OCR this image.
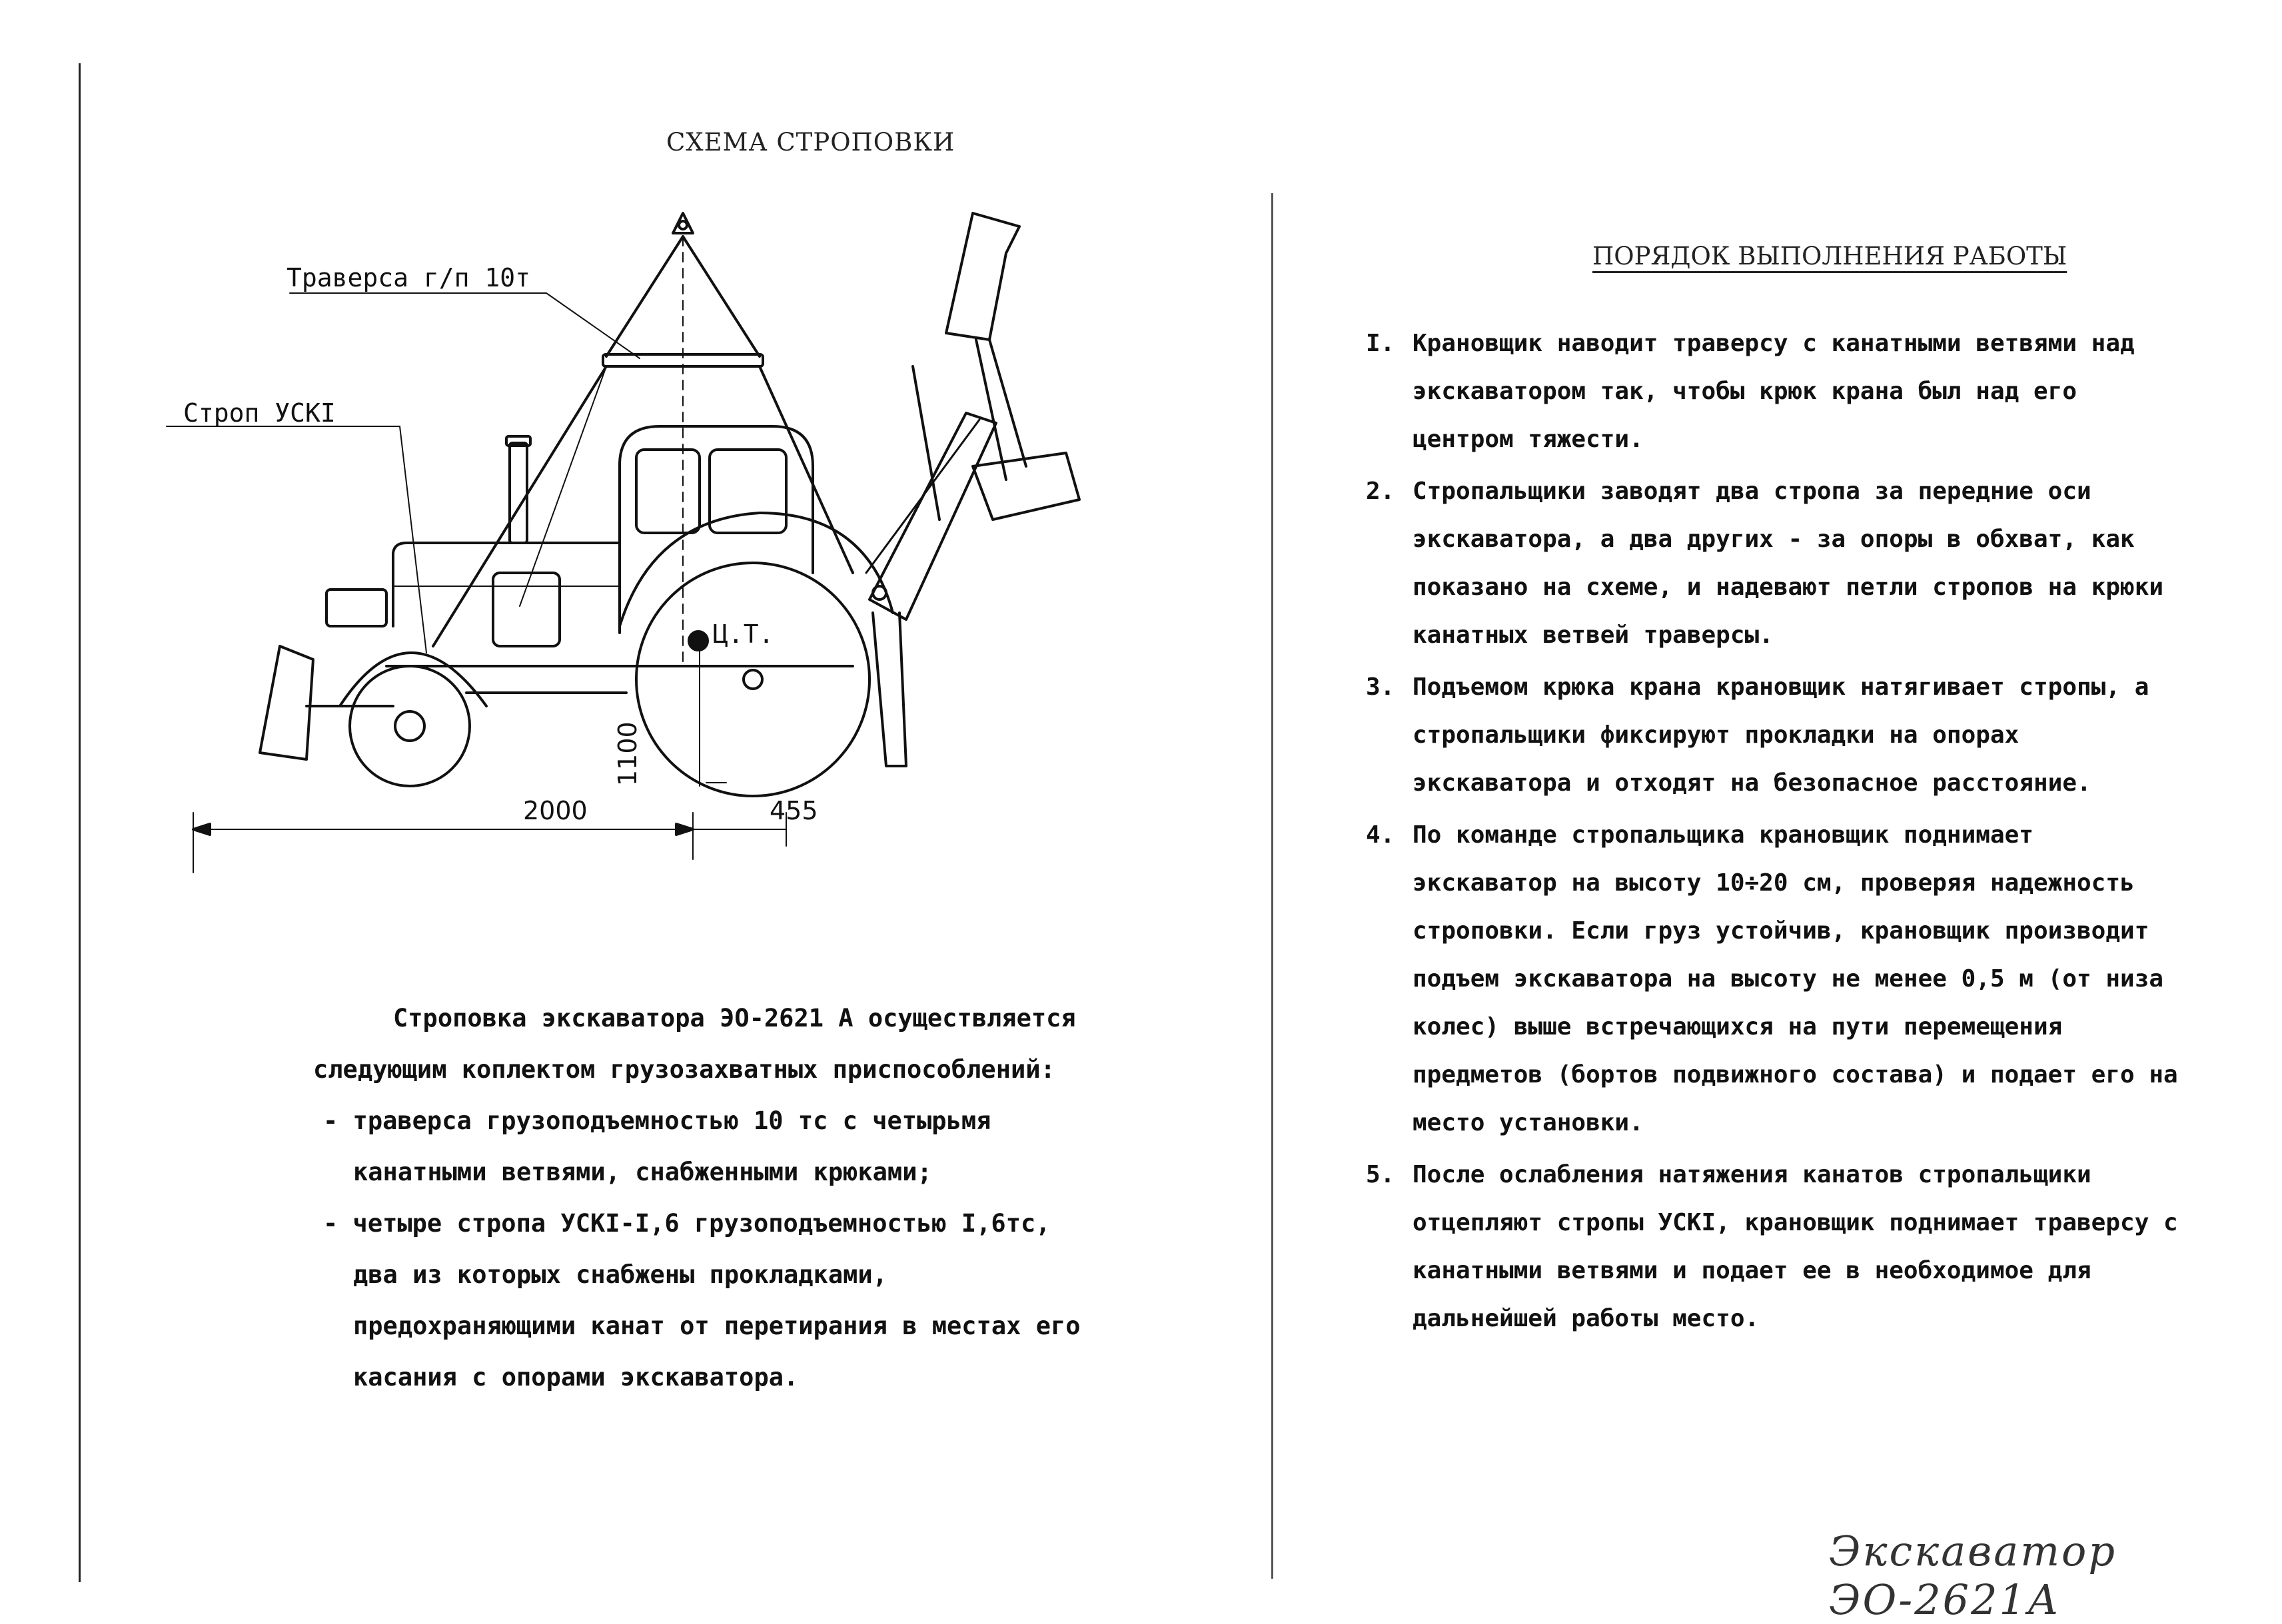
СХЕМА СТРОПОВКИ
Траверса г/п 10т
Строп УСКI
Ц.Т.
2000	455
1100
Строповка экскаватора ЭО-2621 А осуществляется следующим коплектом грузозахватных приспособлений:
- траверса грузоподъемностью 10 тс с четырьмя канатными ветвями, снабженными крюками;
- четыре стропа УСКI-I,6 грузоподъемностью I,6тс, два из которых снабжены прокладками, предохраняющими канат от перетирания в местах его касания с опорами экскаватора.
ПОРЯДОК ВЫПОЛНЕНИЯ РАБОТЫ
I. Крановщик наводит траверсу с канатными ветвями над экскаватором так, чтобы крюк крана был над его центром тяжести.
2. Стропальщики заводят два стропа за передние оси экскаватора, а два других - за опоры в обхват, как показано на схеме, и надевают петли стропов на крюки канатных ветвей траверсы.
3. Подъемом крюка крана крановщик натягивает стропы, а стропальщики фиксируют прокладки на опорах экскаватора и отходят на безопасное расстояние.
4. По команде стропальщика крановщик поднимает экскаватор на высоту 10÷20 см, проверяя надежность строповки. Если груз устойчив, крановщик производит подъем экскаватора на высоту не менее 0,5 м (от низа колес) выше встречающихся на пути перемещения предметов (бортов подвижного состава) и подает его на место установки.
5. После ослабления натяжения канатов стропальщики отцепляют стропы УСКI, крановщик поднимает траверсу с канатными ветвями и подает ее в необходимое для дальнейшей работы место.
Экскаватор ЭО-2621А
